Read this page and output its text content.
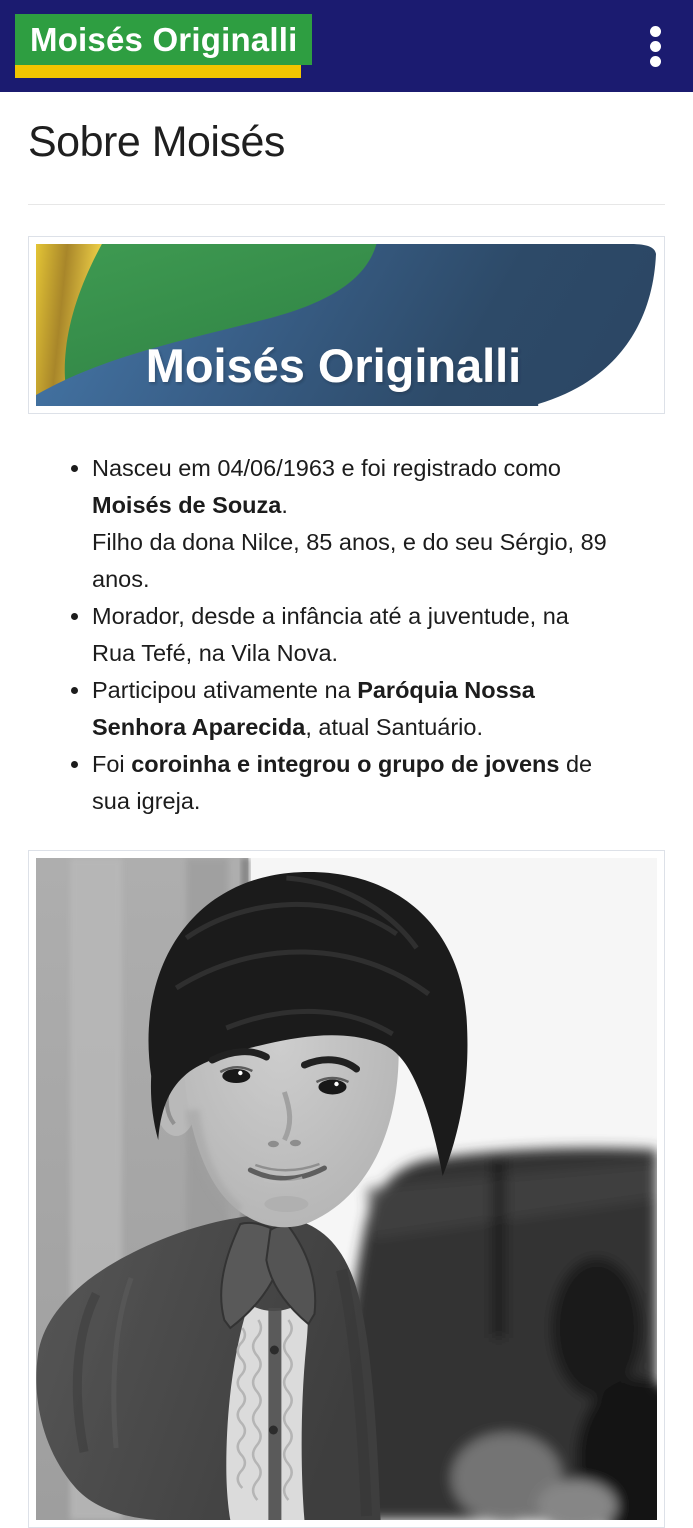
Moisés Originalli
Sobre Moisés
Moisés Originalli
• Nasceu em 04/06/1963 e foi registrado como
Moisés de Souza.
Filho da dona Nilce, 85 anos, e do seu Sérgio, 89
anos.
• Morador, desde a infância até a juventude, na
Rua Tefé, na Vila Nova.
• Participou ativamente na Paróquia Nossa
Senhora Aparecida, atual Santuário.
• Foi coroinha e integrou o grupo de jovens de
sua igreja.
